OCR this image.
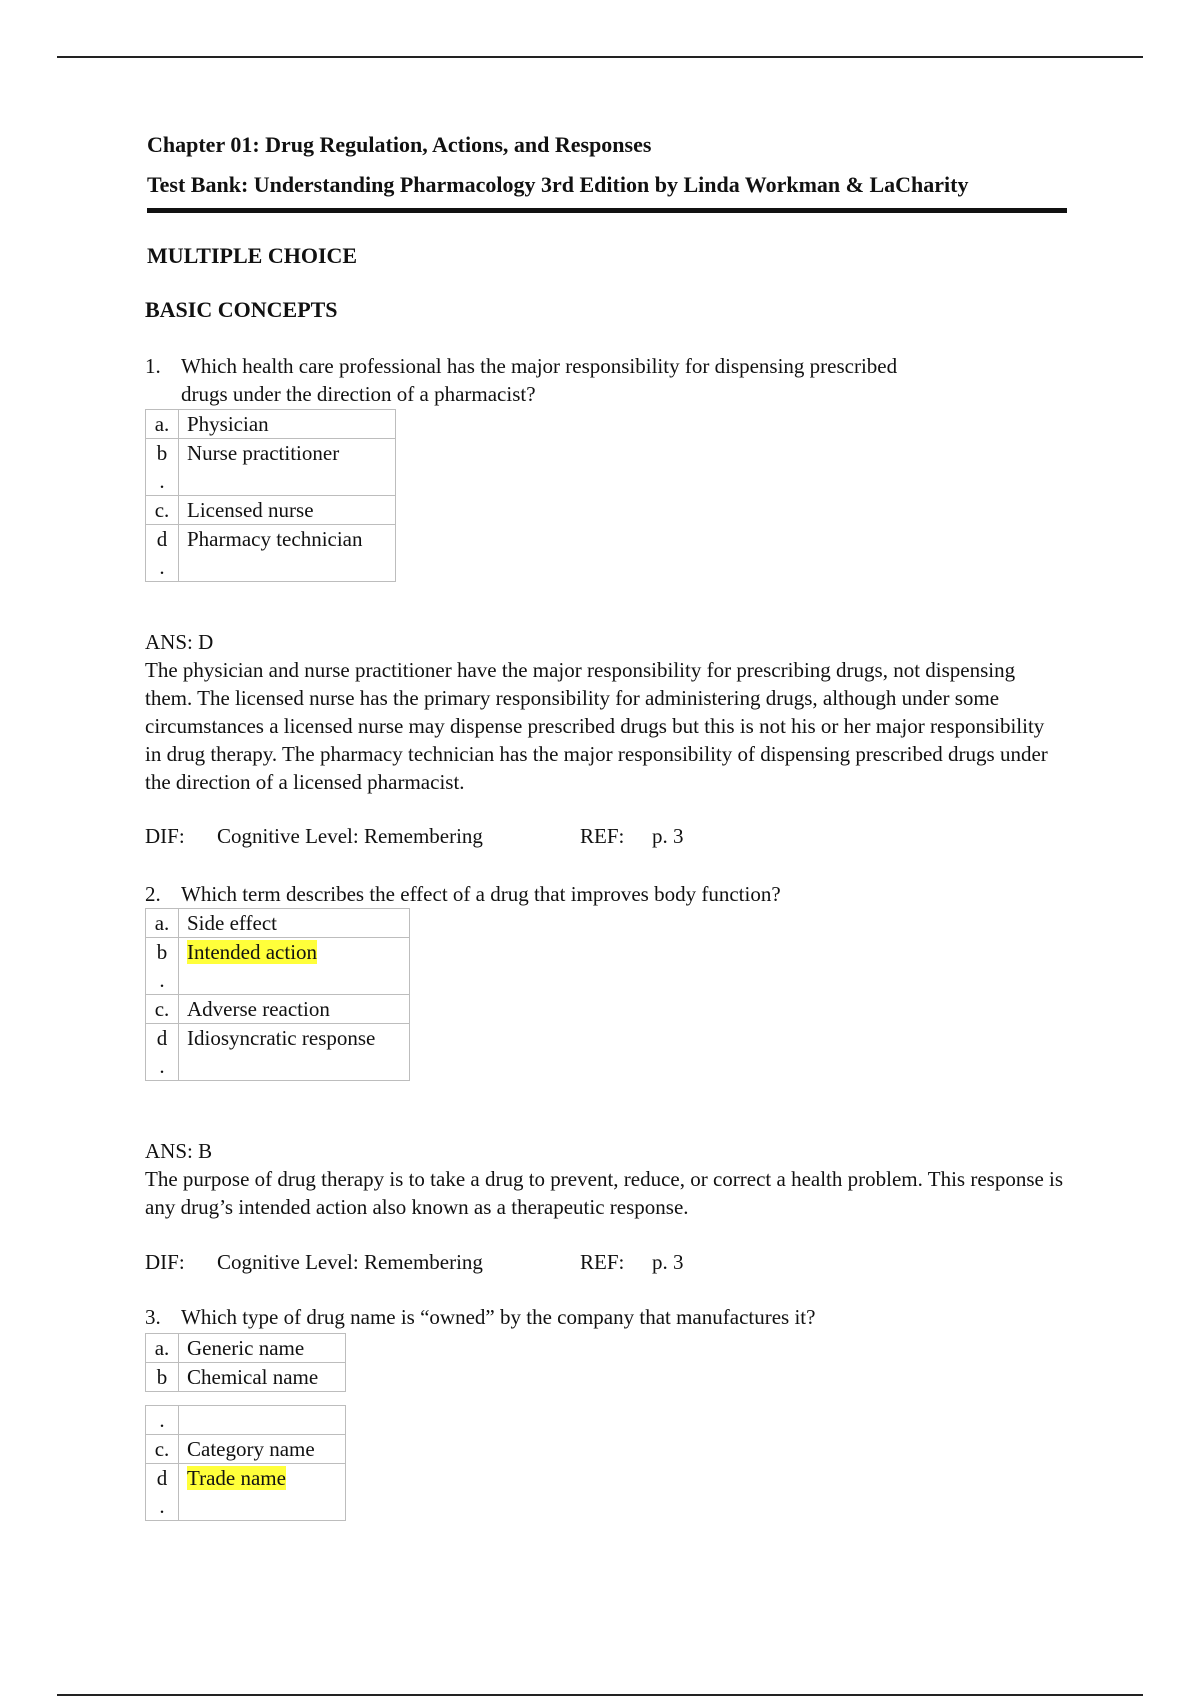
Chapter 01: Drug Regulation, Actions, and Responses
Test Bank: Understanding Pharmacology 3rd Edition by Linda Workman & LaCharity
MULTIPLE CHOICE
BASIC CONCEPTS
1. Which health care professional has the major responsibility for dispensing prescribed
drugs under the direction of a pharmacist?
a.	Physician

b
.	Nurse practitioner

c.	Licensed nurse

d
.	Pharmacy technician
ANS: D
The physician and nurse practitioner have the major responsibility for prescribing drugs, not dispensing them. The licensed nurse has the primary responsibility for administering drugs, although under some circumstances a licensed nurse may dispense prescribed drugs but this is not his or her major responsibility in drug therapy. The pharmacy technician has the major responsibility of dispensing prescribed drugs under the direction of a licensed pharmacist.
DIF: Cognitive Level: Remembering	REF: p. 3
2. Which term describes the effect of a drug that improves body function?
a.	Side effect

b
.	Intended action

c.	Adverse reaction

d
.	Idiosyncratic response
ANS: B
The purpose of drug therapy is to take a drug to prevent, reduce, or correct a health problem. This response is any drug’s intended action also known as a therapeutic response.
DIF: Cognitive Level: Remembering	REF: p. 3
3. Which type of drug name is “owned” by the company that manufactures it?
a.	Generic name

b	Chemical name
.	

c.	Category name

d
.	Trade name
